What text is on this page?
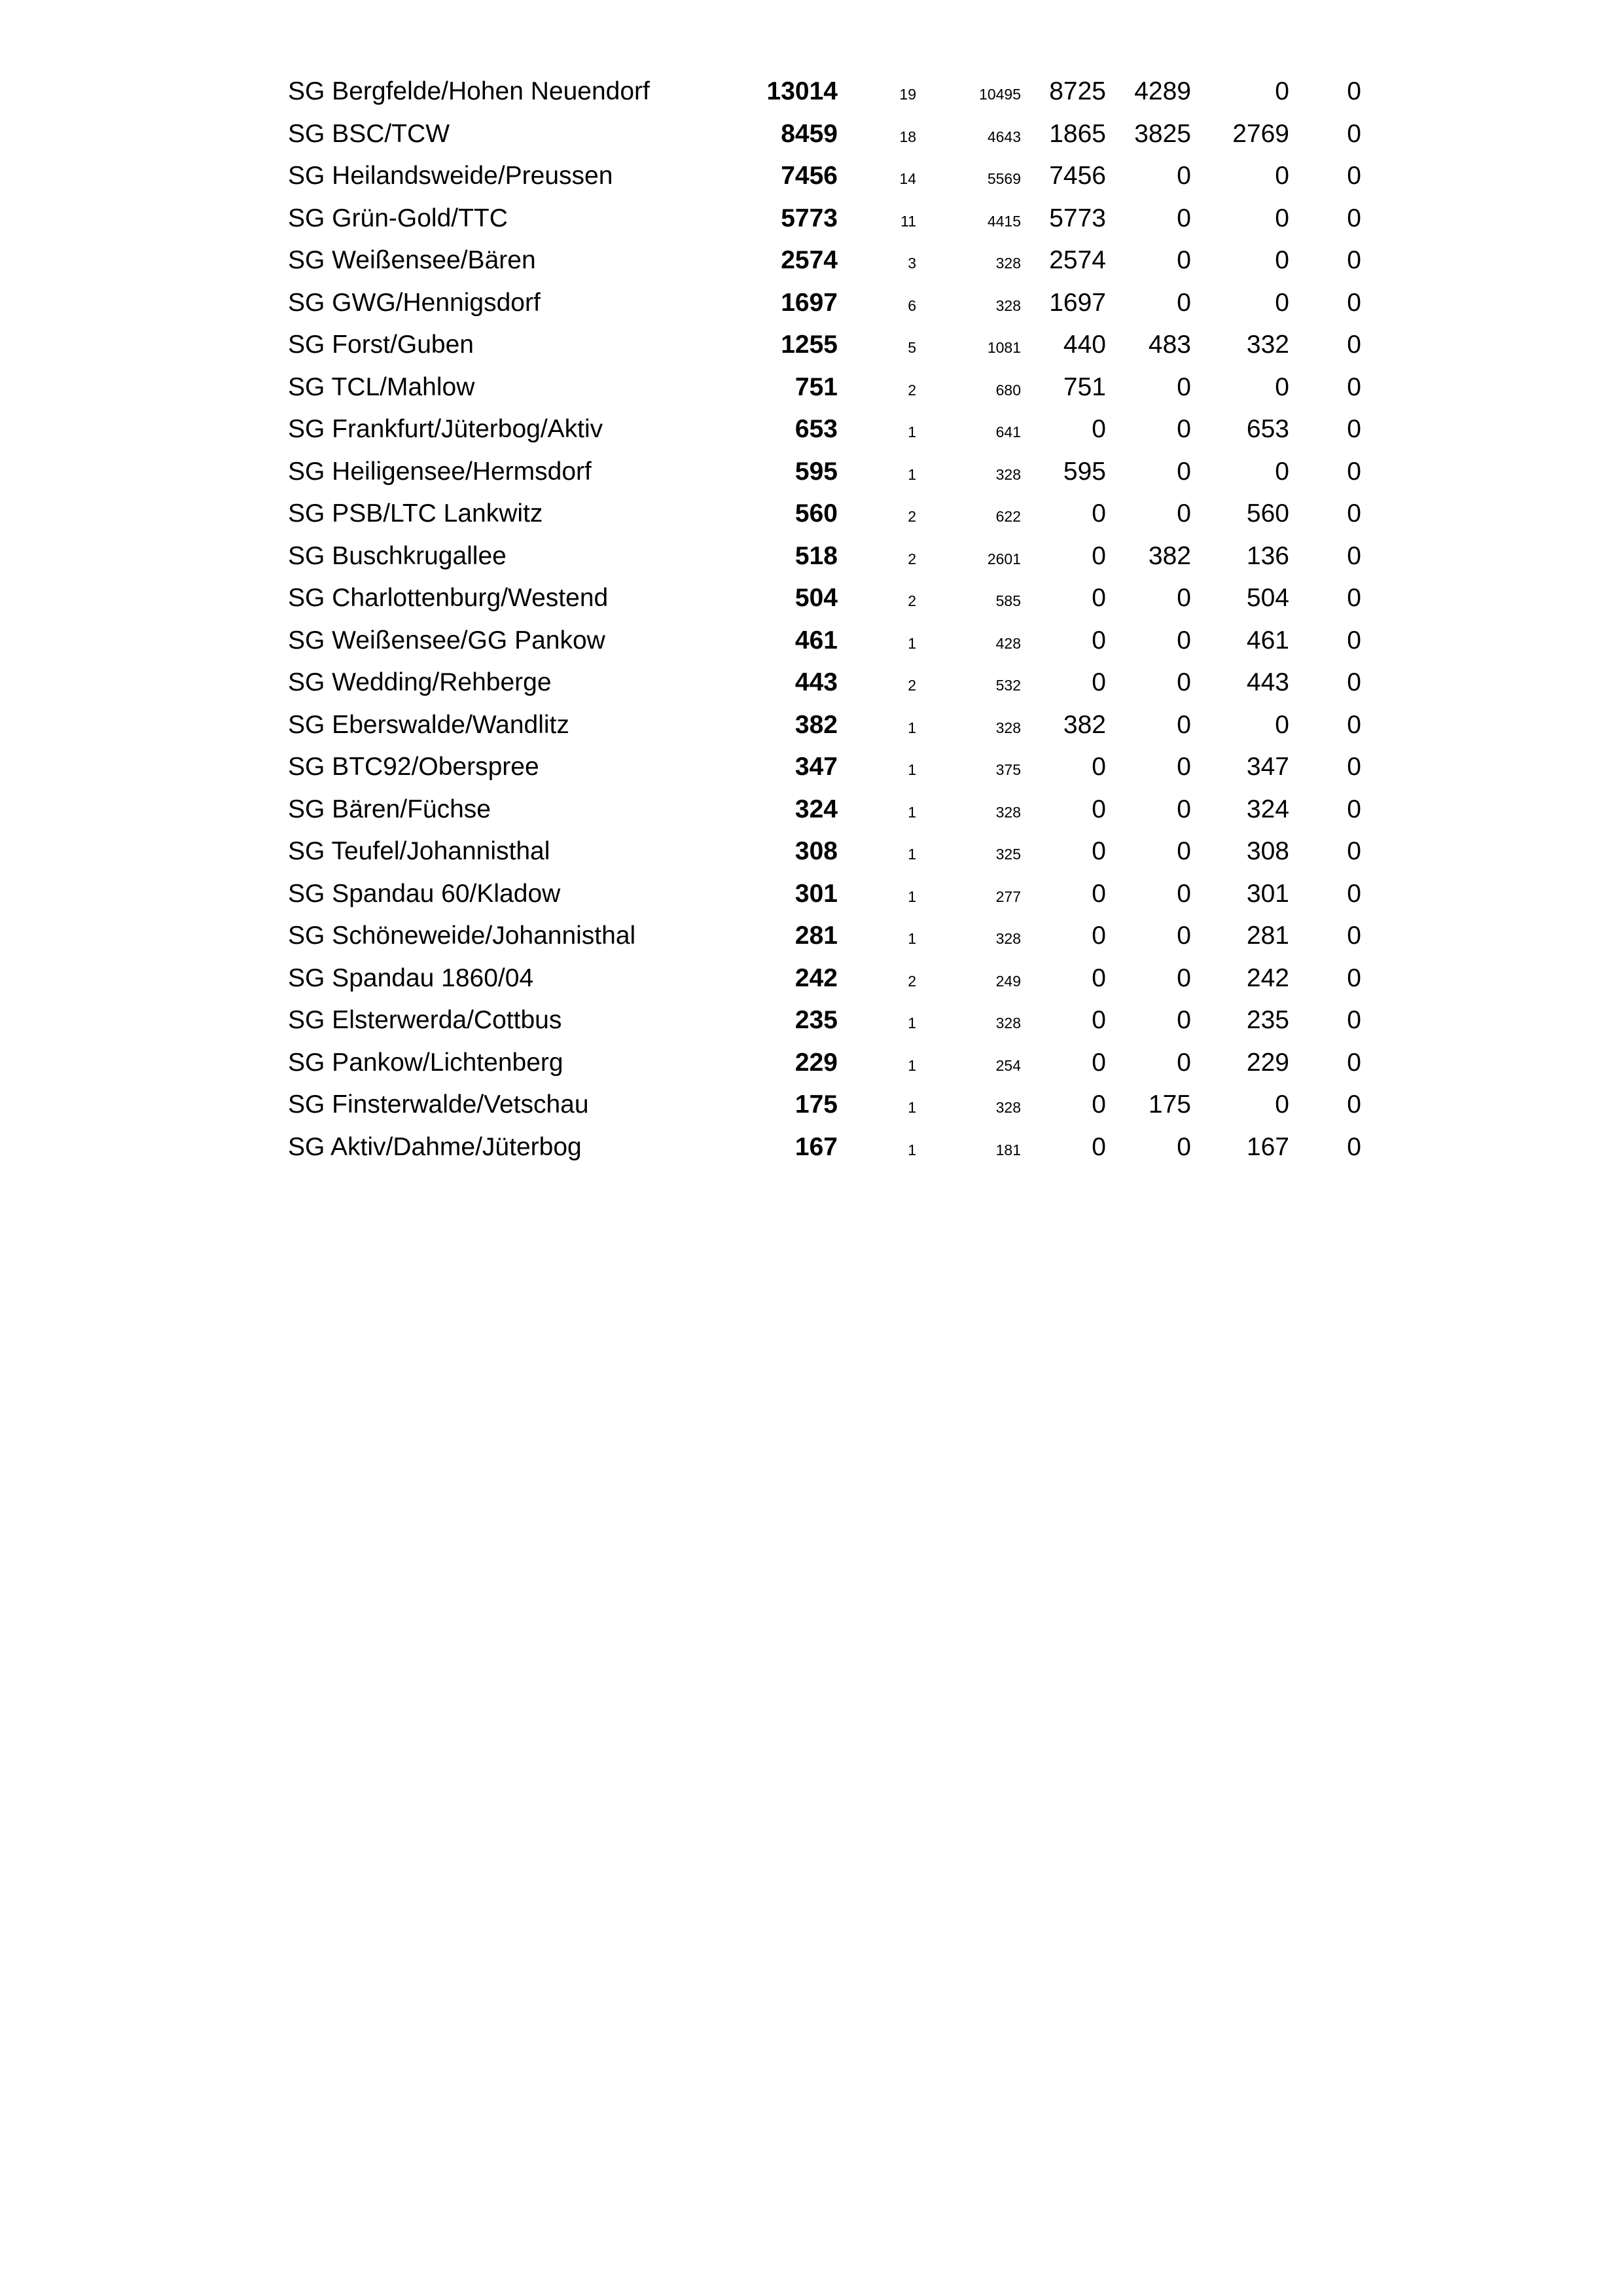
SG Bergfelde/Hohen Neuendorf	13014	19	10495	8725	4289	0	0
SG BSC/TCW	8459	18	4643	1865	3825	2769	0
SG Heilandsweide/Preussen	7456	14	5569	7456	0	0	0
SG Grün-Gold/TTC	5773	11	4415	5773	0	0	0
SG Weißensee/Bären	2574	3	328	2574	0	0	0
SG GWG/Hennigsdorf	1697	6	328	1697	0	0	0
SG Forst/Guben	1255	5	1081	440	483	332	0
SG TCL/Mahlow	751	2	680	751	0	0	0
SG Frankfurt/Jüterbog/Aktiv	653	1	641	0	0	653	0
SG Heiligensee/Hermsdorf	595	1	328	595	0	0	0
SG PSB/LTC Lankwitz	560	2	622	0	0	560	0
SG Buschkrugallee	518	2	2601	0	382	136	0
SG Charlottenburg/Westend	504	2	585	0	0	504	0
SG Weißensee/GG Pankow	461	1	428	0	0	461	0
SG Wedding/Rehberge	443	2	532	0	0	443	0
SG Eberswalde/Wandlitz	382	1	328	382	0	0	0
SG BTC92/Oberspree	347	1	375	0	0	347	0
SG Bären/Füchse	324	1	328	0	0	324	0
SG Teufel/Johannisthal	308	1	325	0	0	308	0
SG Spandau 60/Kladow	301	1	277	0	0	301	0
SG Schöneweide/Johannisthal	281	1	328	0	0	281	0
SG Spandau 1860/04	242	2	249	0	0	242	0
SG Elsterwerda/Cottbus	235	1	328	0	0	235	0
SG Pankow/Lichtenberg	229	1	254	0	0	229	0
SG Finsterwalde/Vetschau	175	1	328	0	175	0	0
SG Aktiv/Dahme/Jüterbog	167	1	181	0	0	167	0
